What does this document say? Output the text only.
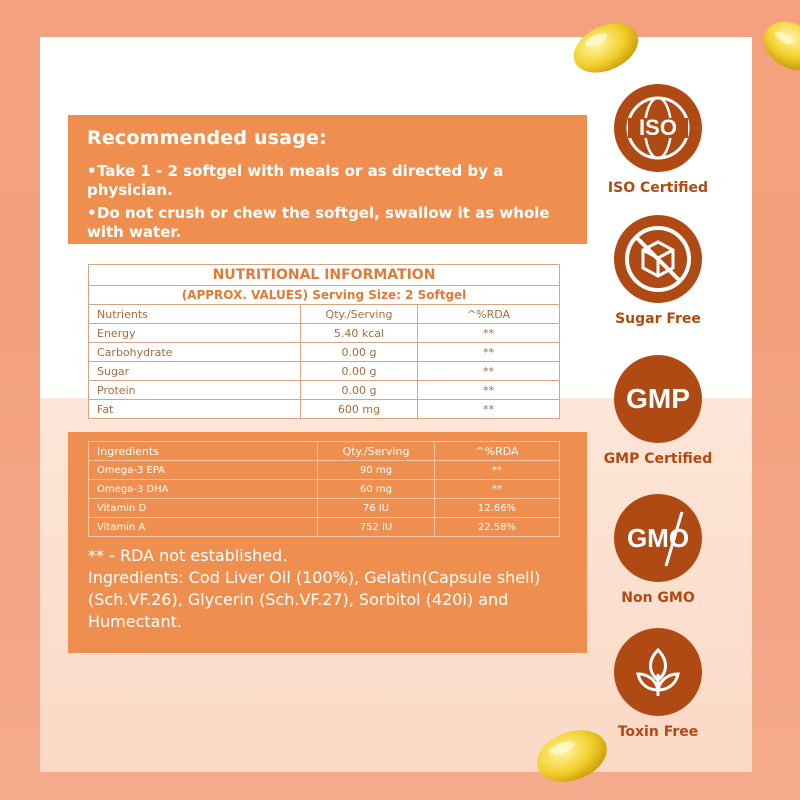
Recommended usage:
•Take 1 - 2 softgel with meals or as directed by a physician.
•Do not crush or chew the softgel, swallow it as whole with water.
NUTRITIONAL INFORMATION		
(APPROX. VALUES) Serving Size: 2 Softgel		
Nutrients	Qty./Serving	^%RDA
Energy	5.40 kcal	**
Carbohydrate	0.00 g	**
Sugar	0.00 g	**
Protein	0.00 g	**
Fat	600 mg	**
Ingredients	Qty./Serving	^%RDA
Omega-3 EPA	90 mg	**
Omega-3 DHA	60 mg	**
Vitamin D	76 IU	12.66%
Vitamin A	752 IU	22.58%

** - RDA not established.

Ingredients: Cod Liver Oil (100%), Gelatin(Capsule shell) (Sch.VF.26), Glycerin (Sch.VF.27), Sorbitol (420i) and Humectant.

ISO
ISO Certified
Sugar Free
GMP
GMP Certified
GMO
Non GMO
Toxin Free
